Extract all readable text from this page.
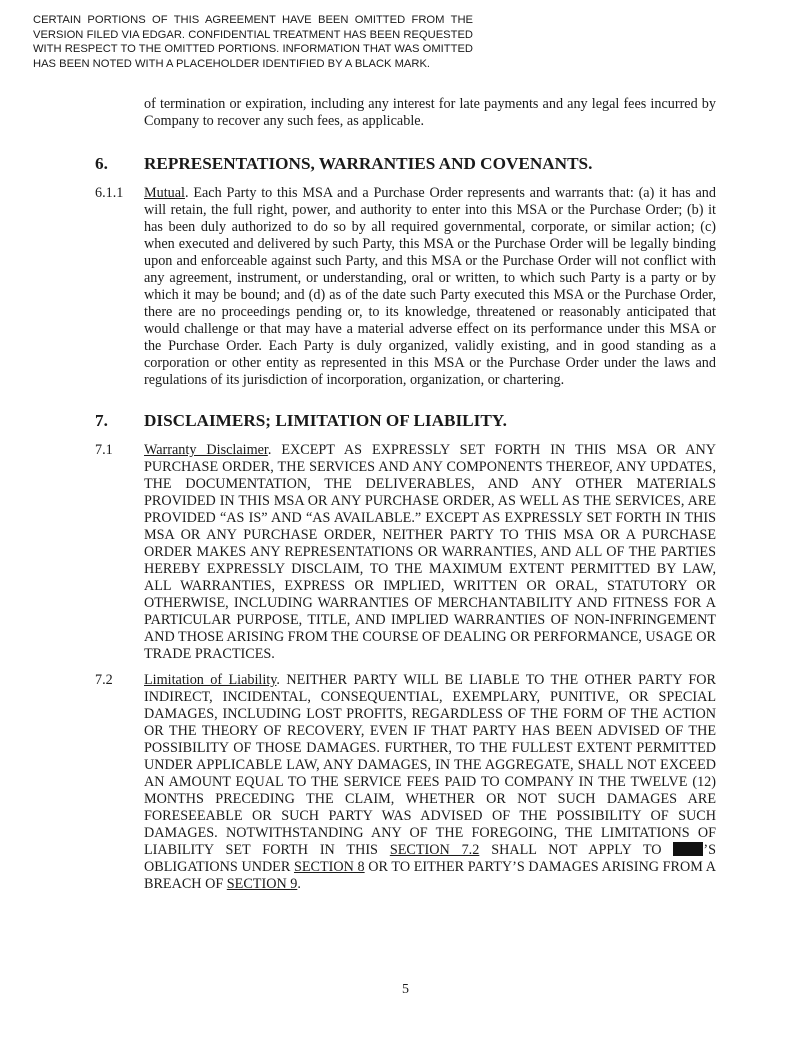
CERTAIN PORTIONS OF THIS AGREEMENT HAVE BEEN OMITTED FROM THE VERSION FILED VIA EDGAR. CONFIDENTIAL TREATMENT HAS BEEN REQUESTED WITH RESPECT TO THE OMITTED PORTIONS. INFORMATION THAT WAS OMITTED HAS BEEN NOTED WITH A PLACEHOLDER IDENTIFIED BY A BLACK MARK.
of termination or expiration, including any interest for late payments and any legal fees incurred by Company to recover any such fees, as applicable.
6. REPRESENTATIONS, WARRANTIES AND COVENANTS.
6.1.1 Mutual. Each Party to this MSA and a Purchase Order represents and warrants that: (a) it has and will retain, the full right, power, and authority to enter into this MSA or the Purchase Order; (b) it has been duly authorized to do so by all required governmental, corporate, or similar action; (c) when executed and delivered by such Party, this MSA or the Purchase Order will be legally binding upon and enforceable against such Party, and this MSA or the Purchase Order will not conflict with any agreement, instrument, or understanding, oral or written, to which such Party is a party or by which it may be bound; and (d) as of the date such Party executed this MSA or the Purchase Order, there are no proceedings pending or, to its knowledge, threatened or reasonably anticipated that would challenge or that may have a material adverse effect on its performance under this MSA or the Purchase Order. Each Party is duly organized, validly existing, and in good standing as a corporation or other entity as represented in this MSA or the Purchase Order under the laws and regulations of its jurisdiction of incorporation, organization, or chartering.
7. DISCLAIMERS; LIMITATION OF LIABILITY.
7.1 Warranty Disclaimer. EXCEPT AS EXPRESSLY SET FORTH IN THIS MSA OR ANY PURCHASE ORDER, THE SERVICES AND ANY COMPONENTS THEREOF, ANY UPDATES, THE DOCUMENTATION, THE DELIVERABLES, AND ANY OTHER MATERIALS PROVIDED IN THIS MSA OR ANY PURCHASE ORDER, AS WELL AS THE SERVICES, ARE PROVIDED “AS IS” AND “AS AVAILABLE.” EXCEPT AS EXPRESSLY SET FORTH IN THIS MSA OR ANY PURCHASE ORDER, NEITHER PARTY TO THIS MSA OR A PURCHASE ORDER MAKES ANY REPRESENTATIONS OR WARRANTIES, AND ALL OF THE PARTIES HEREBY EXPRESSLY DISCLAIM, TO THE MAXIMUM EXTENT PERMITTED BY LAW, ALL WARRANTIES, EXPRESS OR IMPLIED, WRITTEN OR ORAL, STATUTORY OR OTHERWISE, INCLUDING WARRANTIES OF MERCHANTABILITY AND FITNESS FOR A PARTICULAR PURPOSE, TITLE, AND IMPLIED WARRANTIES OF NON-INFRINGEMENT AND THOSE ARISING FROM THE COURSE OF DEALING OR PERFORMANCE, USAGE OR TRADE PRACTICES.
7.2 Limitation of Liability. NEITHER PARTY WILL BE LIABLE TO THE OTHER PARTY FOR INDIRECT, INCIDENTAL, CONSEQUENTIAL, EXEMPLARY, PUNITIVE, OR SPECIAL DAMAGES, INCLUDING LOST PROFITS, REGARDLESS OF THE FORM OF THE ACTION OR THE THEORY OF RECOVERY, EVEN IF THAT PARTY HAS BEEN ADVISED OF THE POSSIBILITY OF THOSE DAMAGES. FURTHER, TO THE FULLEST EXTENT PERMITTED UNDER APPLICABLE LAW, ANY DAMAGES, IN THE AGGREGATE, SHALL NOT EXCEED AN AMOUNT EQUAL TO THE SERVICE FEES PAID TO COMPANY IN THE TWELVE (12) MONTHS PRECEDING THE CLAIM, WHETHER OR NOT SUCH DAMAGES ARE FORESEEABLE OR SUCH PARTY WAS ADVISED OF THE POSSIBILITY OF SUCH DAMAGES. NOTWITHSTANDING ANY OF THE FOREGOING, THE LIMITATIONS OF LIABILITY SET FORTH IN THIS SECTION 7.2 SHALL NOT APPLY TO ’S OBLIGATIONS UNDER SECTION 8 OR TO EITHER PARTY’S DAMAGES ARISING FROM A BREACH OF SECTION 9.
5
